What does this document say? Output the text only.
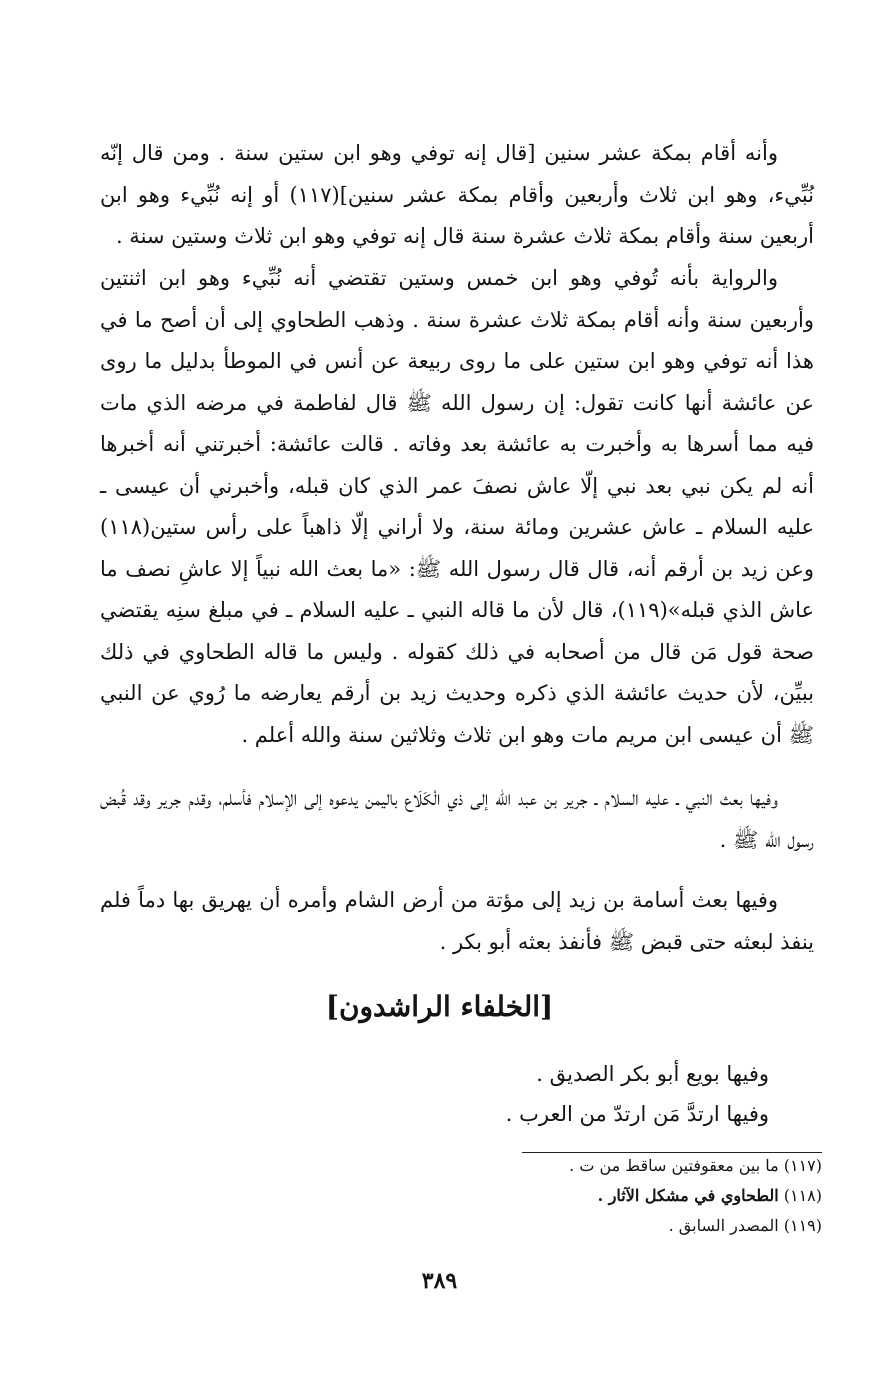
وأنه أقام بمكة عشر سنين [قال إنه توفي وهو ابن ستين سنة . ومن قال إنّه نُبِّيء، وهو ابن ثلاث وأربعين وأقام بمكة عشر سنين](١١٧) أو إنه نُبِّيء وهو ابن أربعين سنة وأقام بمكة ثلاث عشرة سنة قال إنه توفي وهو ابن ثلاث وستين سنة .

والرواية بأنه تُوفي وهو ابن خمس وستين تقتضي أنه نُبِّيء وهو ابن اثنتين وأربعين سنة وأنه أقام بمكة ثلاث عشرة سنة . وذهب الطحاوي إلى أن أصح ما في هذا أنه توفي وهو ابن ستين على ما روى ربيعة عن أنس في الموطأ بدليل ما روى عن عائشة أنها كانت تقول: إن رسول الله ﷺ قال لفاطمة في مرضه الذي مات فيه مما أسرها به وأخبرت به عائشة بعد وفاته . قالت عائشة: أخبرتني أنه أخبرها أنه لم يكن نبي بعد نبي إلّا عاش نصفَ عمر الذي كان قبله، وأخبرني أن عيسى ـ عليه السلام ـ عاش عشرين ومائة سنة، ولا أراني إلّا ذاهباً على رأس ستين(١١٨) وعن زيد بن أرقم أنه، قال قال رسول الله ﷺ: «ما بعث الله نبياً إلا عاشِ نصف ما عاش الذي قبله»(١١٩)، قال لأن ما قاله النبي ـ عليه السلام ـ في مبلغ سنِه يقتضي صحة قول مَن قال من أصحابه في ذلك كقوله . وليس ما قاله الطحاوي في ذلك ببيِّن، لأن حديث عائشة الذي ذكره وحديث زيد بن أرقم يعارضه ما رُوي عن النبي ﷺ أن عيسى ابن مريم مات وهو ابن ثلاث وثلاثين سنة والله أعلم .

وفيها بعث النبي ـ عليه السلام ـ جرير بن عبد الله إلى ذي الْكَلَاع باليمن يدعوه إلى الإسلام فأسلم، وقدم جرير وقد قُبض رسول الله ﷺ .

وفيها بعث أسامة بن زيد إلى مؤتة من أرض الشام وأمره أن يهريق بها دماً فلم ينفذ لبعثه حتى قبض ﷺ فأنفذ بعثه أبو بكر .

[الخلفاء الراشدون]

وفيها بويع أبو بكر الصديق .

وفيها ارتدَّ مَن ارتدّ من العرب .

(١١٧)ما بين معقوفتين ساقط من ت .

(١١٨)الطحاوي في مشكل الآثار .

(١١٩)المصدر السابق .

٣٨٩
